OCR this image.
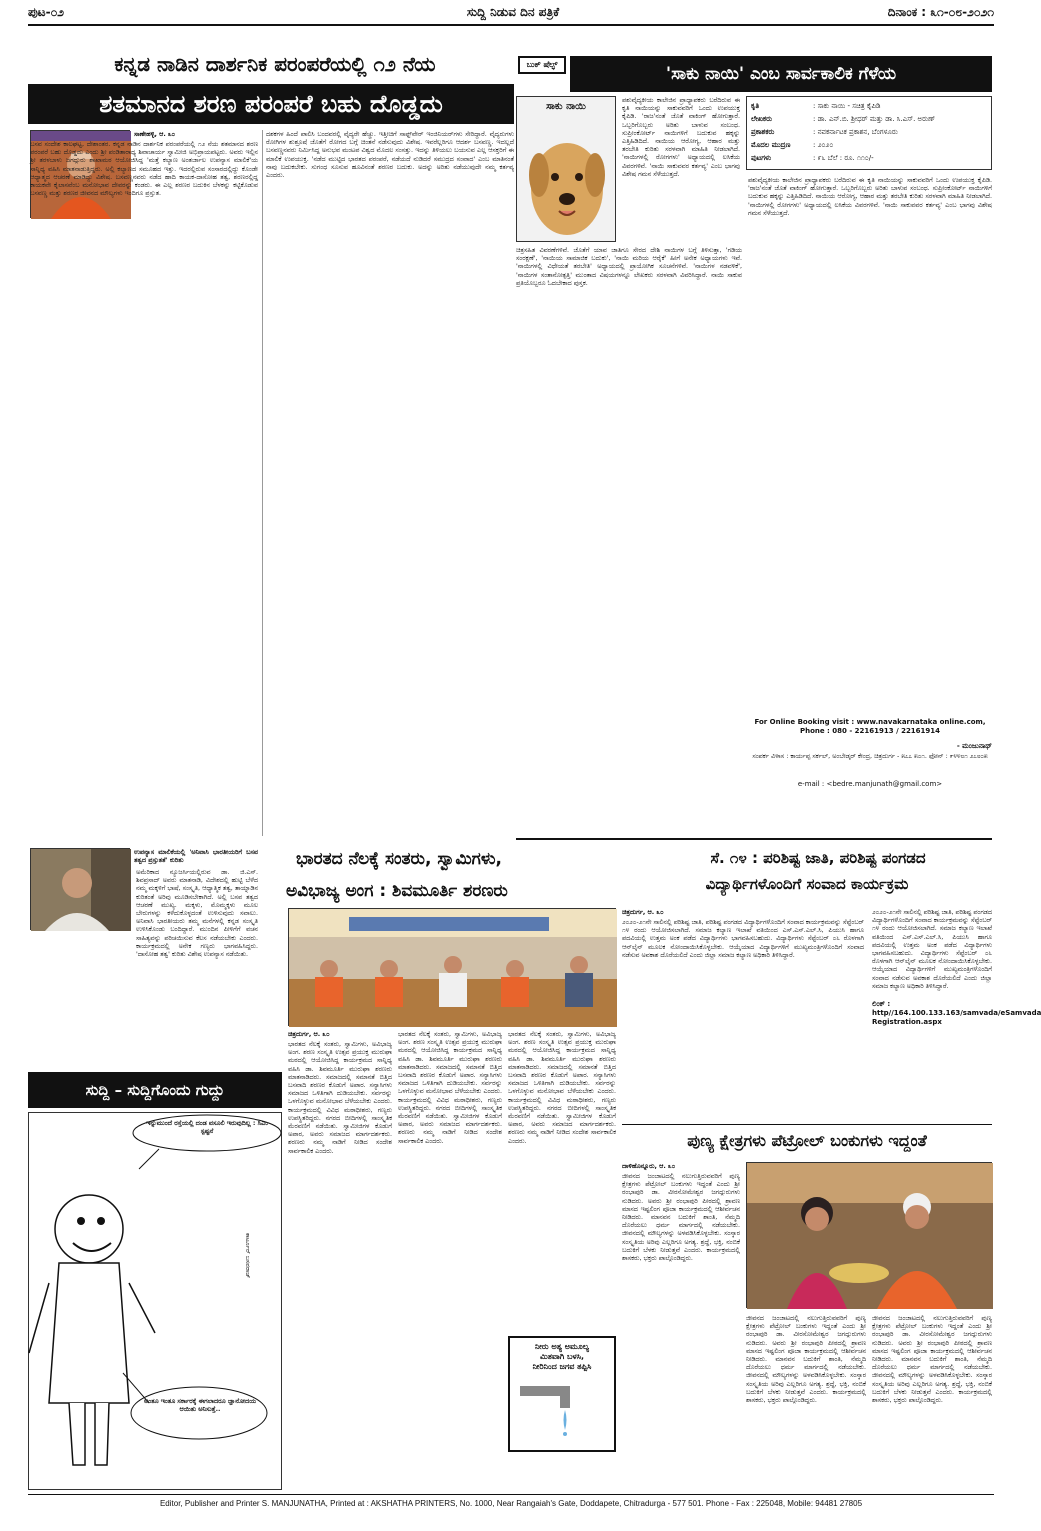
ಪುಟ-೦೨	ಸುದ್ದಿ ನಿಡುವ ದಿನ ಪತ್ರಿಕೆ	ದಿನಾಂಕ : ೩೧-೦೮-೨೦೨೧
ಕನ್ನಡ ನಾಡಿನ ದಾರ್ಶನಿಕ ಪರಂಪರೆಯಲ್ಲಿ ೧೨ ನೆಯ
ಶತಮಾನದ ಶರಣ ಪರಂಪರೆ ಬಹು ದೊಡ್ಡದು
ಸಾಣೇಹಳ್ಳಿ, ಆ. ೩೦
ಬಸವ ಸಂದೇಶ ಕಾಲಘಟ್ಟ, ದೇಶಾಂತರ. ಕನ್ನಡ ನಾಡಿನ ದಾರ್ಶನಿಕ ಪರಂಪರೆಯಲ್ಲಿ ೧೨ ನೆಯ ಶತಮಾನದ ಶರಣ ಪರಂಪರೆ ಬಹು ದೊಡ್ಡದು ಎಂದು ಶ್ರೀ ಪಂಡಿತಾರಾಧ್ಯ ಶಿವಾಚಾರ್ಯ ಸ್ವಾಮೀಜಿ ಅಭಿಪ್ರಾಯಪಟ್ಟರು. ಅವರು ಇಲ್ಲಿನ ಶ್ರೀ ತರಳಬಾಳು ಜಗದ್ಗುರು ಶಾಖಾಮಠ ಆಯೋಜಿಸಿದ್ದ 'ಮತ್ತೆ ಕಲ್ಯಾಣ ಅಂತರ್ಜಾಲ ಉಪನ್ಯಾಸ ಮಾಲಿಕೆ'ಯ ಸಾನ್ನಿಧ್ಯ ವಹಿಸಿ ಮಾತನಾಡುತ್ತಿದ್ದರು. ಅಲ್ಲಿ ಕಲ್ಯಾಣದ ಸಮೂಹದ ಇತ್ತು. ಇದರಲ್ಲಿರುವ ಸಂಸಾರದಲ್ಲಿದ್ದು ಕೊಂಡೇ ಆಧ್ಯಾತ್ಮದ ಆಚರಣೆ ಮಾಡಿದ್ದು ವಿಶೇಷ. ಬಸವಣ್ಣನವರು ನಡೆದ ಹಾದಿ ಕಾಯಕ-ದಾಸೋಹ ತತ್ವ, ಶರಣರಲ್ಲಿದ್ದ ಕಾಯಕವೇ ಕೈಲಾಸವೆಂಬ ಮನೋಭಾವ ದೇವರನ್ನು ಕಂಡರು. ಈ ಎಲ್ಲ ಶರಣರ ಬದುಕಿನ ಬೆಳಕನ್ನು ಕಟ್ಟಿಕೊಡುವ ಬಸವಣ್ಣ ಮತ್ತು ಶರಣರ ಜೀವನದ ಮೌಲ್ಯಗಳು ಇಂದಿಗೂ ಪ್ರಸ್ತುತ.
ದಶಕಗಳ ಹಿಂದೆ ಪಾಲಿಸಿ ಬಂದವರಲ್ಲಿ ವೈದ್ಯರೇ ಹೆಚ್ಚು. ಇತ್ತೀಚಿಗೆ ಸಾಫ್ಟ್‌ವೇರ್ ಇಂಜಿನಿಯರ್‌ಗಳು ಸೇರಿದ್ದಾರೆ. ವೈದ್ಯರುಗಳು ರೋಗಿಗಳ ಶುಶ್ರೂಷೆ ಜೊತೆಗೆ ರೋಗದ ಬಗ್ಗೆ ಚಿಂತನೆ ನಡೆಸುವುದು ವಿಶೇಷ. ಇವರೆಲ್ಲರಿಗೂ ಆದರ್ಶ ಬಸವಣ್ಣ. ಇದಲ್ಲದೆ ಬಸವಣ್ಣನವರು ನಿರ್ಮಿಸಿದ್ದ ಅನುಭವ ಮಂಟಪ ವಿಶ್ವದ ಮೊದಲ ಸಂಸತ್ತು. ಇದನ್ನು ತಿಳಿಯಲು ಬಯಸುವ ಎಲ್ಲ ಆಸಕ್ತರಿಗೆ ಈ ಮಾಲಿಕೆ ಉಪಯುಕ್ತ. 'ನಡೆದ ಮುಟ್ಟಿದ ಭಾರತದ ಪರಂಪರೆ, ನಡೆಯದೆ ನುಡಿದರೆ ಸಮುದ್ರದ ಸಂವಾದ' ಎಂಬ ಮಾತಿನಂತೆ ನಾವು ಬದುಕಬೇಕು. ಸುಗಂಧ ಸೂಸುವ ಹೂವಿನಂತೆ ಶರಣರ ಬದುಕು. ಅದನ್ನು ಅರಿತು ನಡೆಯುವುದೇ ನಮ್ಮ ಕರ್ತವ್ಯ ಎಂದರು.
ಉಪನ್ಯಾಸ ಮಾಲಿಕೆಯಲ್ಲಿ 'ಅನಿವಾಸಿ ಭಾರತೀಯರಿಗೆ ಬಸವ ತತ್ವದ ಪ್ರಸ್ತುತತೆ' ಕುರಿತು
ಅಮೆರಿಕಾದ ನ್ಯೂಜರ್ಸಿಯಲ್ಲಿರುವ ಡಾ. ಜಿ.ಎಸ್. ಶಿವಪ್ರಸಾದ್ ಅವರು ಮಾತನಾಡಿ, ವಿದೇಶದಲ್ಲಿ ಹುಟ್ಟಿ ಬೆಳೆದ ನಮ್ಮ ಮಕ್ಕಳಿಗೆ ಭಾಷೆ, ಸಂಸ್ಕೃತಿ, ಆಧ್ಯಾತ್ಮಿಕ ತತ್ವ, ತಾಯ್ನಾಡಿನ ಕುರಿತಂತೆ ಅರಿವು ಮೂಡಿಸಬೇಕಾಗಿದೆ. ಅಲ್ಲಿ ಬಸವ ತತ್ವದ ಆಚರಣೆ ಮುಖ್ಯ. ಮಕ್ಕಳು, ಮೊಮ್ಮಕ್ಕಳು ಮೂಲ ಬೇರುಗಳನ್ನು ಕಳೆದುಕೊಳ್ಳದಂತೆ ಉಳಿಸುವುದು ಸವಾಲು. ಅನಿವಾಸಿ ಭಾರತೀಯರು ತಮ್ಮ ಮನೆಗಳಲ್ಲಿ ಕನ್ನಡ ಸಂಸ್ಕೃತಿ ಉಳಿಸಿಕೊಂಡು ಬಂದಿದ್ದಾರೆ. ಮುಂದಿನ ಪೀಳಿಗೆಗೆ ವಚನ ಸಾಹಿತ್ಯವನ್ನು ಪರಿಚಯಿಸುವ ಕೆಲಸ ನಡೆಯಬೇಕು ಎಂದರು. ಕಾರ್ಯಕ್ರಮದಲ್ಲಿ ಅನೇಕ ಗಣ್ಯರು ಭಾಗವಹಿಸಿದ್ದರು. 'ದಾಸೋಹ ತತ್ವ' ಕುರಿತು ವಿಶೇಷ ಉಪನ್ಯಾಸ ನಡೆಯಿತು.
ಭಾರತದ ನೆಲಕ್ಕೆ ಸಂತರು, ಸ್ವಾಮಿಗಳು,
ಅವಿಭಾಜ್ಯ ಅಂಗ : ಶಿವಮೂರ್ತಿ ಶರಣರು
ಬುಕ್ ಷೆಲ್ಫ್	'ಸಾಕು ನಾಯಿ' ಎಂಬ ಸಾರ್ವಕಾಲಿಕ ಗೆಳೆಯ
ಸಾಕು ನಾಯಿ
ಪಶುವೈದ್ಯಕೀಯ ಕಾಲೇಜಿನ ಪ್ರಾಧ್ಯಾಪಕರು ಬರೆದಿರುವ ಈ ಕೃತಿ ನಾಯಿಯನ್ನು ಸಾಕುವವರಿಗೆ ಒಂದು ಉಪಯುಕ್ತ ಕೈಪಿಡಿ. 'ರಾಜ'ನಂತೆ ಜೊತೆ ವಾಕಿಂಗ್ ಹೋಗುತ್ತಾರೆ. ಒಬ್ಬರಿಗೊಬ್ಬರು ಅರಿತು ಬಾಳುವ ಸಂಬಂಧ. ಸುಪ್ರೀಂಕೋರ್ಟ್ ನಾಯಿಗಳಿಗೆ ಬದುಕುವ ಹಕ್ಕನ್ನು ಎತ್ತಿಹಿಡಿದಿದೆ. ನಾಯಿಯ ಆರೋಗ್ಯ, ಆಹಾರ ಮತ್ತು ತರಬೇತಿ ಕುರಿತು ಸರಳವಾಗಿ ಮಾಹಿತಿ ನೀಡಲಾಗಿದೆ. 'ನಾಯಿಗಳಲ್ಲಿ ರೋಗಗಳು' ಅಧ್ಯಾಯದಲ್ಲಿ ಲಸಿಕೆಯ ವಿವರಗಳಿವೆ. 'ನಾಯಿ ಸಾಕುವವರ ಕರ್ತವ್ಯ' ಎಂಬ ಭಾಗವು ವಿಶೇಷ ಗಮನ ಸೆಳೆಯುತ್ತದೆ.
ಕೃತಿ	: ಸಾಕು ನಾಯಿ - ಸಚಿತ್ರ ಕೈಪಿಡಿ
ಲೇಖಕರು	: ಡಾ. ಎನ್.ಬಿ. ಶ್ರೀಧರ್ ಮತ್ತು ಡಾ. ಸಿ.ಎಸ್. ಅರುಣ್
ಪ್ರಕಾಶಕರು	: ನವಕರ್ನಾಟಕ ಪ್ರಕಾಶನ, ಬೆಂಗಳೂರು
ಮೊದಲ ಮುದ್ರಣ	: ೨೦೨೦
ಪುಟಗಳು	: ೯೬ ಬೆಲೆ : ರೂ. ೧೧೦/-
ಚಿತ್ರಸಹಿತ ವಿವರಣೆಗಳಿವೆ. ಜೊತೆಗೆ ಯಾವ ಜಾತಿಗೂ ಸೇರದ ದೇಶಿ ನಾಯಿಗಳ ಬಗ್ಗೆ ತಿಳಿಸುತ್ತಾ, 'ಗಡಿಯ ಸಂರಕ್ಷಣೆ', 'ನಾಯಿಯ ಸಾಮಾಜಿಕ ಬದುಕು', 'ನಾಯಿ ಮರಿಯ ಆರೈಕೆ' ಹೀಗೆ ಅನೇಕ ಅಧ್ಯಾಯಗಳು ಇವೆ. 'ನಾಯಿಗಳಲ್ಲಿ ವಿಧೇಯತೆ ತರಬೇತಿ' ಅಧ್ಯಾಯದಲ್ಲಿ ಪ್ರಾಯೋಗಿಕ ಸೂಚನೆಗಳಿವೆ. 'ನಾಯಿಗಳ ನಡವಳಿಕೆ', 'ನಾಯಿಗಳ ಸಂತಾನೋತ್ಪತ್ತಿ' ಮುಂತಾದ ವಿಷಯಗಳನ್ನೂ ಲೇಖಕರು ಸರಳವಾಗಿ ವಿವರಿಸಿದ್ದಾರೆ. ನಾಯಿ ಸಾಕುವ ಪ್ರತಿಯೊಬ್ಬರೂ ಓದಬೇಕಾದ ಪುಸ್ತಕ.
ಪಶುವೈದ್ಯಕೀಯ ಕಾಲೇಜಿನ ಪ್ರಾಧ್ಯಾಪಕರು ಬರೆದಿರುವ ಈ ಕೃತಿ ನಾಯಿಯನ್ನು ಸಾಕುವವರಿಗೆ ಒಂದು ಉಪಯುಕ್ತ ಕೈಪಿಡಿ. 'ರಾಜ'ನಂತೆ ಜೊತೆ ವಾಕಿಂಗ್ ಹೋಗುತ್ತಾರೆ. ಒಬ್ಬರಿಗೊಬ್ಬರು ಅರಿತು ಬಾಳುವ ಸಂಬಂಧ. ಸುಪ್ರೀಂಕೋರ್ಟ್ ನಾಯಿಗಳಿಗೆ ಬದುಕುವ ಹಕ್ಕನ್ನು ಎತ್ತಿಹಿಡಿದಿದೆ. ನಾಯಿಯ ಆರೋಗ್ಯ, ಆಹಾರ ಮತ್ತು ತರಬೇತಿ ಕುರಿತು ಸರಳವಾಗಿ ಮಾಹಿತಿ ನೀಡಲಾಗಿದೆ. 'ನಾಯಿಗಳಲ್ಲಿ ರೋಗಗಳು' ಅಧ್ಯಾಯದಲ್ಲಿ ಲಸಿಕೆಯ ವಿವರಗಳಿವೆ. 'ನಾಯಿ ಸಾಕುವವರ ಕರ್ತವ್ಯ' ಎಂಬ ಭಾಗವು ವಿಶೇಷ ಗಮನ ಸೆಳೆಯುತ್ತದೆ.
For Online Booking visit : www.navakarnataka online.com, Phone : 080 - 22161913 / 22161914
- ಮಂಜುನಾಥ್
ಸಂಪರ್ಕ ವಿಳಾಸ : ಕಾರ್ಯಪ್ಪ ಸರ್ಕಲ್, ಅಂಬೇಡ್ಕರ್ ಕೇಂದ್ರ, ಚಿತ್ರದುರ್ಗ - ೫೭೭ ೫೦೧. ಫೋನ್ : ೯೪೪೮೧ ೨೭೮೦೫
e-mail : <bedre.manjunath@gmail.com>
ಸೆ. ೧೪ : ಪರಿಶಿಷ್ಟ ಜಾತಿ, ಪರಿಶಿಷ್ಟ ಪಂಗಡದ
ವಿದ್ಯಾರ್ಥಿಗಳೊಂದಿಗೆ ಸಂವಾದ ಕಾರ್ಯಕ್ರಮ
ಚಿತ್ರದುರ್ಗ, ಆ. ೩೦
೨೦೨೦-೨೧ನೇ ಸಾಲಿನಲ್ಲಿ ಪರಿಶಿಷ್ಟ ಜಾತಿ, ಪರಿಶಿಷ್ಟ ಪಂಗಡದ ವಿದ್ಯಾರ್ಥಿಗಳೊಂದಿಗೆ ಸಂವಾದ ಕಾರ್ಯಕ್ರಮವನ್ನು ಸೆಪ್ಟೆಂಬರ್ ೧೪ ರಂದು ಆಯೋಜಿಸಲಾಗಿದೆ. ಸಮಾಜ ಕಲ್ಯಾಣ ಇಲಾಖೆ ವತಿಯಿಂದ ಎಸ್.ಎಸ್.ಎಲ್.ಸಿ, ಪಿಯುಸಿ ಹಾಗೂ ಪದವಿಯಲ್ಲಿ ಉತ್ತಮ ಅಂಕ ಪಡೆದ ವಿದ್ಯಾರ್ಥಿಗಳು ಭಾಗವಹಿಸಬಹುದು. ವಿದ್ಯಾರ್ಥಿಗಳು ಸೆಪ್ಟೆಂಬರ್ ೦೬ ರೊಳಗಾಗಿ ಆನ್‌ಲೈನ್ ಮೂಲಕ ನೋಂದಾಯಿಸಿಕೊಳ್ಳಬೇಕು. ಆಯ್ಕೆಯಾದ ವಿದ್ಯಾರ್ಥಿಗಳಿಗೆ ಮುಖ್ಯಮಂತ್ರಿಗಳೊಂದಿಗೆ ಸಂವಾದ ನಡೆಸುವ ಅವಕಾಶ ದೊರೆಯಲಿದೆ ಎಂದು ಜಿಲ್ಲಾ ಸಮಾಜ ಕಲ್ಯಾಣ ಅಧಿಕಾರಿ ತಿಳಿಸಿದ್ದಾರೆ.
೨೦೨೦-೨೧ನೇ ಸಾಲಿನಲ್ಲಿ ಪರಿಶಿಷ್ಟ ಜಾತಿ, ಪರಿಶಿಷ್ಟ ಪಂಗಡದ ವಿದ್ಯಾರ್ಥಿಗಳೊಂದಿಗೆ ಸಂವಾದ ಕಾರ್ಯಕ್ರಮವನ್ನು ಸೆಪ್ಟೆಂಬರ್ ೧೪ ರಂದು ಆಯೋಜಿಸಲಾಗಿದೆ. ಸಮಾಜ ಕಲ್ಯಾಣ ಇಲಾಖೆ ವತಿಯಿಂದ ಎಸ್.ಎಸ್.ಎಲ್.ಸಿ, ಪಿಯುಸಿ ಹಾಗೂ ಪದವಿಯಲ್ಲಿ ಉತ್ತಮ ಅಂಕ ಪಡೆದ ವಿದ್ಯಾರ್ಥಿಗಳು ಭಾಗವಹಿಸಬಹುದು. ವಿದ್ಯಾರ್ಥಿಗಳು ಸೆಪ್ಟೆಂಬರ್ ೦೬ ರೊಳಗಾಗಿ ಆನ್‌ಲೈನ್ ಮೂಲಕ ನೋಂದಾಯಿಸಿಕೊಳ್ಳಬೇಕು. ಆಯ್ಕೆಯಾದ ವಿದ್ಯಾರ್ಥಿಗಳಿಗೆ ಮುಖ್ಯಮಂತ್ರಿಗಳೊಂದಿಗೆ ಸಂವಾದ ನಡೆಸುವ ಅವಕಾಶ ದೊರೆಯಲಿದೆ ಎಂದು ಜಿಲ್ಲಾ ಸಮಾಜ ಕಲ್ಯಾಣ ಅಧಿಕಾರಿ ತಿಳಿಸಿದ್ದಾರೆ.
ಲಿಂಕ್ : http//164.100.133.163/samvada/eSamvada Registration.aspx
ಚಿತ್ರದುರ್ಗ, ಆ. ೩೦
ಭಾರತದ ನೆಲಕ್ಕೆ ಸಂತರು, ಸ್ವಾಮಿಗಳು, ಅವಿಭಾಜ್ಯ ಅಂಗ. ಶರಣ ಸಂಸ್ಕೃತಿ ಉತ್ಸವ ಪ್ರಯುಕ್ತ ಮುರುಘಾ ಮಠದಲ್ಲಿ ಆಯೋಜಿಸಿದ್ದ ಕಾರ್ಯಕ್ರಮದ ಸಾನ್ನಿಧ್ಯ ವಹಿಸಿ ಡಾ. ಶಿವಮೂರ್ತಿ ಮುರುಘಾ ಶರಣರು ಮಾತನಾಡಿದರು. ಸಮಾಜದಲ್ಲಿ ಸಮಾನತೆ ಬಿತ್ತಿದ ಬಸವಾದಿ ಶರಣರ ಕೊಡುಗೆ ಅಪಾರ. ಸನ್ಯಾಸಿಗಳು ಸಮಾಜದ ಒಳಿತಿಗಾಗಿ ದುಡಿಯಬೇಕು. ಸರ್ವರನ್ನು ಒಳಗೊಳ್ಳುವ ಮನೋಭಾವ ಬೆಳೆಯಬೇಕು ಎಂದರು. ಕಾರ್ಯಕ್ರಮದಲ್ಲಿ ವಿವಿಧ ಮಠಾಧೀಶರು, ಗಣ್ಯರು ಉಪಸ್ಥಿತರಿದ್ದರು. ನಗರದ ಬೀದಿಗಳಲ್ಲಿ ಸಾಂಸ್ಕೃತಿಕ ಮೆರವಣಿಗೆ ನಡೆಯಿತು. ಸ್ವಾಮೀಜಿಗಳ ಕೊಡುಗೆ ಅಪಾರ, ಅವರು ಸಮಾಜದ ಮಾರ್ಗದರ್ಶಕರು. ಶರಣರು ನಮ್ಮ ನಾಡಿಗೆ ನೀಡಿದ ಸಂದೇಶ ಸಾರ್ವಕಾಲಿಕ ಎಂದರು.
ಭಾರತದ ನೆಲಕ್ಕೆ ಸಂತರು, ಸ್ವಾಮಿಗಳು, ಅವಿಭಾಜ್ಯ ಅಂಗ. ಶರಣ ಸಂಸ್ಕೃತಿ ಉತ್ಸವ ಪ್ರಯುಕ್ತ ಮುರುಘಾ ಮಠದಲ್ಲಿ ಆಯೋಜಿಸಿದ್ದ ಕಾರ್ಯಕ್ರಮದ ಸಾನ್ನಿಧ್ಯ ವಹಿಸಿ ಡಾ. ಶಿವಮೂರ್ತಿ ಮುರುಘಾ ಶರಣರು ಮಾತನಾಡಿದರು. ಸಮಾಜದಲ್ಲಿ ಸಮಾನತೆ ಬಿತ್ತಿದ ಬಸವಾದಿ ಶರಣರ ಕೊಡುಗೆ ಅಪಾರ. ಸನ್ಯಾಸಿಗಳು ಸಮಾಜದ ಒಳಿತಿಗಾಗಿ ದುಡಿಯಬೇಕು. ಸರ್ವರನ್ನು ಒಳಗೊಳ್ಳುವ ಮನೋಭಾವ ಬೆಳೆಯಬೇಕು ಎಂದರು. ಕಾರ್ಯಕ್ರಮದಲ್ಲಿ ವಿವಿಧ ಮಠಾಧೀಶರು, ಗಣ್ಯರು ಉಪಸ್ಥಿತರಿದ್ದರು. ನಗರದ ಬೀದಿಗಳಲ್ಲಿ ಸಾಂಸ್ಕೃತಿಕ ಮೆರವಣಿಗೆ ನಡೆಯಿತು. ಸ್ವಾಮೀಜಿಗಳ ಕೊಡುಗೆ ಅಪಾರ, ಅವರು ಸಮಾಜದ ಮಾರ್ಗದರ್ಶಕರು. ಶರಣರು ನಮ್ಮ ನಾಡಿಗೆ ನೀಡಿದ ಸಂದೇಶ ಸಾರ್ವಕಾಲಿಕ ಎಂದರು.
ಭಾರತದ ನೆಲಕ್ಕೆ ಸಂತರು, ಸ್ವಾಮಿಗಳು, ಅವಿಭಾಜ್ಯ ಅಂಗ. ಶರಣ ಸಂಸ್ಕೃತಿ ಉತ್ಸವ ಪ್ರಯುಕ್ತ ಮುರುಘಾ ಮಠದಲ್ಲಿ ಆಯೋಜಿಸಿದ್ದ ಕಾರ್ಯಕ್ರಮದ ಸಾನ್ನಿಧ್ಯ ವಹಿಸಿ ಡಾ. ಶಿವಮೂರ್ತಿ ಮುರುಘಾ ಶರಣರು ಮಾತನಾಡಿದರು. ಸಮಾಜದಲ್ಲಿ ಸಮಾನತೆ ಬಿತ್ತಿದ ಬಸವಾದಿ ಶರಣರ ಕೊಡುಗೆ ಅಪಾರ. ಸನ್ಯಾಸಿಗಳು ಸಮಾಜದ ಒಳಿತಿಗಾಗಿ ದುಡಿಯಬೇಕು. ಸರ್ವರನ್ನು ಒಳಗೊಳ್ಳುವ ಮನೋಭಾವ ಬೆಳೆಯಬೇಕು ಎಂದರು. ಕಾರ್ಯಕ್ರಮದಲ್ಲಿ ವಿವಿಧ ಮಠಾಧೀಶರು, ಗಣ್ಯರು ಉಪಸ್ಥಿತರಿದ್ದರು. ನಗರದ ಬೀದಿಗಳಲ್ಲಿ ಸಾಂಸ್ಕೃತಿಕ ಮೆರವಣಿಗೆ ನಡೆಯಿತು. ಸ್ವಾಮೀಜಿಗಳ ಕೊಡುಗೆ ಅಪಾರ, ಅವರು ಸಮಾಜದ ಮಾರ್ಗದರ್ಶಕರು. ಶರಣರು ನಮ್ಮ ನಾಡಿಗೆ ನೀಡಿದ ಸಂದೇಶ ಸಾರ್ವಕಾಲಿಕ ಎಂದರು.
ನೀರು ಅತ್ಯ ಅಮೂಲ್ಯ
ಮಿತವಾಗಿ ಬಳಸಿ,
ನೀರಿನಿಂದ ಜಗವ ತಪ್ಪಿಸಿ
ಪುಣ್ಯ ಕ್ಷೇತ್ರಗಳು ಪೆಟ್ರೋಲ್ ಬಂಕುಗಳು ಇದ್ದಂತೆ
ದಾಳಿಹೊನ್ನೂರು, ಆ. ೩೦
ಜೀವನದ ಜಂಜಾಟದಲ್ಲಿ ನಲುಗುತ್ತಿರುವವರಿಗೆ ಪುಣ್ಯ ಕ್ಷೇತ್ರಗಳು ಪೆಟ್ರೋಲ್ ಬಂಕುಗಳು ಇದ್ದಂತೆ ಎಂದು ಶ್ರೀ ರಂಭಾಪುರಿ ಡಾ. ವೀರಸೋಮೇಶ್ವರ ಜಗದ್ಗುರುಗಳು ನುಡಿದರು. ಅವರು ಶ್ರೀ ರಂಭಾಪುರಿ ಪೀಠದಲ್ಲಿ ಶ್ರಾವಣ ಮಾಸದ ಇಷ್ಟಲಿಂಗ ಪೂಜಾ ಕಾರ್ಯಕ್ರಮದಲ್ಲಿ ಆಶೀರ್ವಚನ ನೀಡಿದರು. ಮಾನವನ ಬದುಕಿಗೆ ಶಾಂತಿ, ನೆಮ್ಮದಿ ದೊರೆಯಲು ಧರ್ಮ ಮಾರ್ಗದಲ್ಲಿ ನಡೆಯಬೇಕು. ಜೀವನದಲ್ಲಿ ಮೌಲ್ಯಗಳನ್ನು ಅಳವಡಿಸಿಕೊಳ್ಳಬೇಕು. ಸಂಸ್ಕಾರ ಸಂಸ್ಕೃತಿಯ ಅರಿವು ಎಲ್ಲರಿಗೂ ಅಗತ್ಯ. ಶ್ರದ್ಧೆ, ಭಕ್ತಿ, ನಂಬಿಕೆ ಬದುಕಿಗೆ ಬೆಳಕು ನೀಡುತ್ತವೆ ಎಂದರು. ಕಾರ್ಯಕ್ರಮದಲ್ಲಿ ಶಾಸಕರು, ಭಕ್ತರು ಪಾಲ್ಗೊಂಡಿದ್ದರು.
ಜೀವನದ ಜಂಜಾಟದಲ್ಲಿ ನಲುಗುತ್ತಿರುವವರಿಗೆ ಪುಣ್ಯ ಕ್ಷೇತ್ರಗಳು ಪೆಟ್ರೋಲ್ ಬಂಕುಗಳು ಇದ್ದಂತೆ ಎಂದು ಶ್ರೀ ರಂಭಾಪುರಿ ಡಾ. ವೀರಸೋಮೇಶ್ವರ ಜಗದ್ಗುರುಗಳು ನುಡಿದರು. ಅವರು ಶ್ರೀ ರಂಭಾಪುರಿ ಪೀಠದಲ್ಲಿ ಶ್ರಾವಣ ಮಾಸದ ಇಷ್ಟಲಿಂಗ ಪೂಜಾ ಕಾರ್ಯಕ್ರಮದಲ್ಲಿ ಆಶೀರ್ವಚನ ನೀಡಿದರು. ಮಾನವನ ಬದುಕಿಗೆ ಶಾಂತಿ, ನೆಮ್ಮದಿ ದೊರೆಯಲು ಧರ್ಮ ಮಾರ್ಗದಲ್ಲಿ ನಡೆಯಬೇಕು. ಜೀವನದಲ್ಲಿ ಮೌಲ್ಯಗಳನ್ನು ಅಳವಡಿಸಿಕೊಳ್ಳಬೇಕು. ಸಂಸ್ಕಾರ ಸಂಸ್ಕೃತಿಯ ಅರಿವು ಎಲ್ಲರಿಗೂ ಅಗತ್ಯ. ಶ್ರದ್ಧೆ, ಭಕ್ತಿ, ನಂಬಿಕೆ ಬದುಕಿಗೆ ಬೆಳಕು ನೀಡುತ್ತವೆ ಎಂದರು. ಕಾರ್ಯಕ್ರಮದಲ್ಲಿ ಶಾಸಕರು, ಭಕ್ತರು ಪಾಲ್ಗೊಂಡಿದ್ದರು.
ಜೀವನದ ಜಂಜಾಟದಲ್ಲಿ ನಲುಗುತ್ತಿರುವವರಿಗೆ ಪುಣ್ಯ ಕ್ಷೇತ್ರಗಳು ಪೆಟ್ರೋಲ್ ಬಂಕುಗಳು ಇದ್ದಂತೆ ಎಂದು ಶ್ರೀ ರಂಭಾಪುರಿ ಡಾ. ವೀರಸೋಮೇಶ್ವರ ಜಗದ್ಗುರುಗಳು ನುಡಿದರು. ಅವರು ಶ್ರೀ ರಂಭಾಪುರಿ ಪೀಠದಲ್ಲಿ ಶ್ರಾವಣ ಮಾಸದ ಇಷ್ಟಲಿಂಗ ಪೂಜಾ ಕಾರ್ಯಕ್ರಮದಲ್ಲಿ ಆಶೀರ್ವಚನ ನೀಡಿದರು. ಮಾನವನ ಬದುಕಿಗೆ ಶಾಂತಿ, ನೆಮ್ಮದಿ ದೊರೆಯಲು ಧರ್ಮ ಮಾರ್ಗದಲ್ಲಿ ನಡೆಯಬೇಕು. ಜೀವನದಲ್ಲಿ ಮೌಲ್ಯಗಳನ್ನು ಅಳವಡಿಸಿಕೊಳ್ಳಬೇಕು. ಸಂಸ್ಕಾರ ಸಂಸ್ಕೃತಿಯ ಅರಿವು ಎಲ್ಲರಿಗೂ ಅಗತ್ಯ. ಶ್ರದ್ಧೆ, ಭಕ್ತಿ, ನಂಬಿಕೆ ಬದುಕಿಗೆ ಬೆಳಕು ನೀಡುತ್ತವೆ ಎಂದರು. ಕಾರ್ಯಕ್ರಮದಲ್ಲಿ ಶಾಸಕರು, ಭಕ್ತರು ಪಾಲ್ಗೊಂಡಿದ್ದರು.
ಸುದ್ದಿ – ಸುದ್ದಿಗೊಂದು ಗುದ್ದು
ಇನ್ನುಮುಂದೆ ರಸ್ತೆಯಲ್ಲಿ ದಂಡ ವಸೂಲಿ ಇರುವುದಿಲ್ಲ : ಸಿಎಂ ಸ್ಪಷ್ಟನೆ
ಅಂತೂ ಇಂತೂ ಸರ್ಕಾರಕ್ಕೆ ಈಗಲಾದರೂ ಜ್ಞಾನೋದಯ ಆಯಿತು ಅನಿಸುತ್ತೆ..
ಕಾರ್ಟೂನ್ ಬಸವರಾಜ್
Editor, Publisher and Printer S. MANJUNATHA, Printed at : AKSHATHA PRINTERS, No. 1000, Near Rangaiah's Gate, Doddapete, Chitradurga - 577 501. Phone - Fax : 225048, Mobile: 94481 27805
